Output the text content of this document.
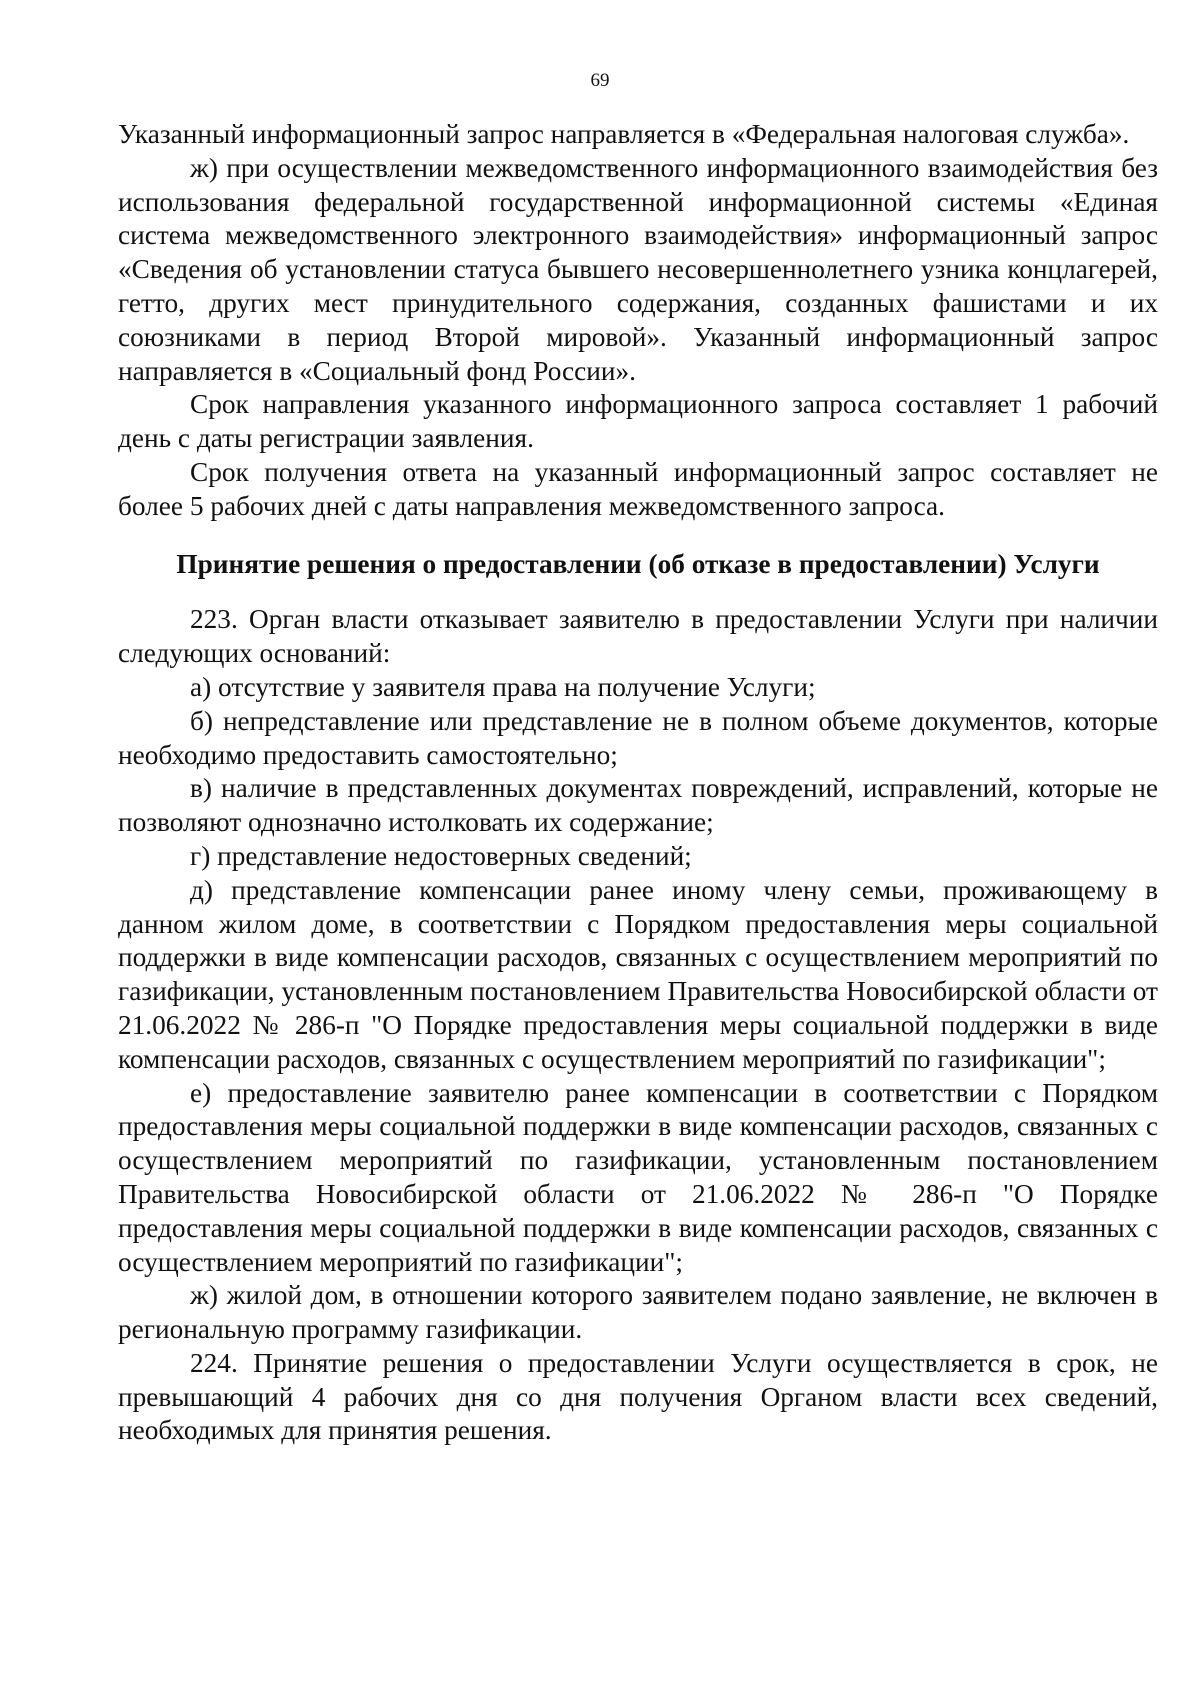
69

Указанный информационный запрос направляется в «Федеральная налоговая служба».

ж) при осуществлении межведомственного информационного взаимодействия без использования федеральной государственной информационной системы «Единая система межведомственного электронного взаимодействия» информационный запрос «Сведения об установлении статуса бывшего несовершеннолетнего узника концлагерей, гетто, других мест принудительного содержания, созданных фашистами и их союзниками в период Второй мировой». Указанный информационный запрос направляется в «Социальный фонд России».

Срок направления указанного информационного запроса составляет 1 рабочий день с даты регистрации заявления.

Срок получения ответа на указанный информационный запрос составляет не более 5 рабочих дней с даты направления межведомственного запроса.

Принятие решения о предоставлении (об отказе в предоставлении) Услуги

223. Орган власти отказывает заявителю в предоставлении Услуги при наличии следующих оснований:

а) отсутствие у заявителя права на получение Услуги;

б) непредставление или представление не в полном объеме документов, которые необходимо предоставить самостоятельно;

в) наличие в представленных документах повреждений, исправлений, которые не позволяют однозначно истолковать их содержание;

г) представление недостоверных сведений;

д) представление компенсации ранее иному члену семьи, проживающему в данном жилом доме, в соответствии с Порядком предоставления меры социальной поддержки в виде компенсации расходов, связанных с осуществлением мероприятий по газификации, установленным постановлением Правительства Новосибирской области от 21.06.2022 № 286-п "О Порядке предоставления меры социальной поддержки в виде компенсации расходов, связанных с осуществлением мероприятий по газификации";

е) предоставление заявителю ранее компенсации в соответствии с Порядком предоставления меры социальной поддержки в виде компенсации расходов, связанных с осуществлением мероприятий по газификации, установленным постановлением Правительства Новосибирской области от 21.06.2022 № 286-п "О Порядке предоставления меры социальной поддержки в виде компенсации расходов, связанных с осуществлением мероприятий по газификации";

ж) жилой дом, в отношении которого заявителем подано заявление, не включен в региональную программу газификации.

224. Принятие решения о предоставлении Услуги осуществляется в срок, не превышающий 4 рабочих дня со дня получения Органом власти всех сведений, необходимых для принятия решения.
